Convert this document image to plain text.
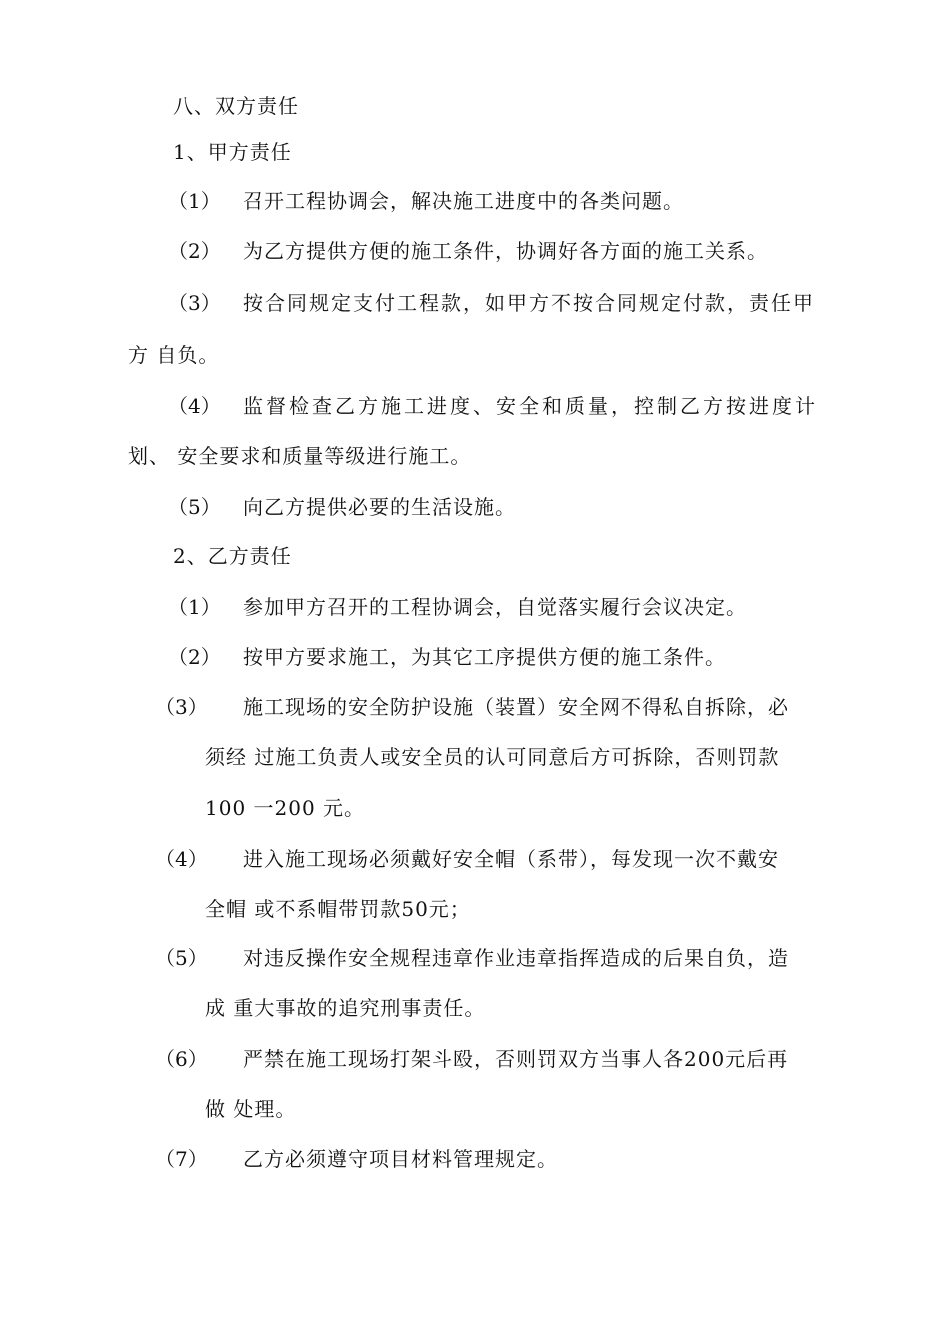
八、双方责任
1、甲方责任
（1） 召开工程协调会，解决施工进度中的各类问题。
（2） 为乙方提供方便的施工条件，协调好各方面的施工关系。
（3） 按合同规定支付工程款，如甲方不按合同规定付款，责任甲
方 自负。
（4） 监督检查乙方施工进度、安全和质量，控制乙方按进度计
划、 安全要求和质量等级进行施工。
（5） 向乙方提供必要的生活设施。
2、乙方责任
（1） 参加甲方召开的工程协调会，自觉落实履行会议决定。
（2） 按甲方要求施工，为其它工序提供方便的施工条件。
（3） 施工现场的安全防护设施（装置）安全网不得私自拆除，必
须经 过施工负责人或安全员的认可同意后方可拆除，否则罚款
100 一200 元。
（4） 进入施工现场必须戴好安全帽（系带），每发现一次不戴安
全帽 或不系帽带罚款50元；
（5） 对违反操作安全规程违章作业违章指挥造成的后果自负，造
成 重大事故的追究刑事责任。
（6） 严禁在施工现场打架斗殴，否则罚双方当事人各200元后再
做 处理。
（7） 乙方必须遵守项目材料管理规定。
